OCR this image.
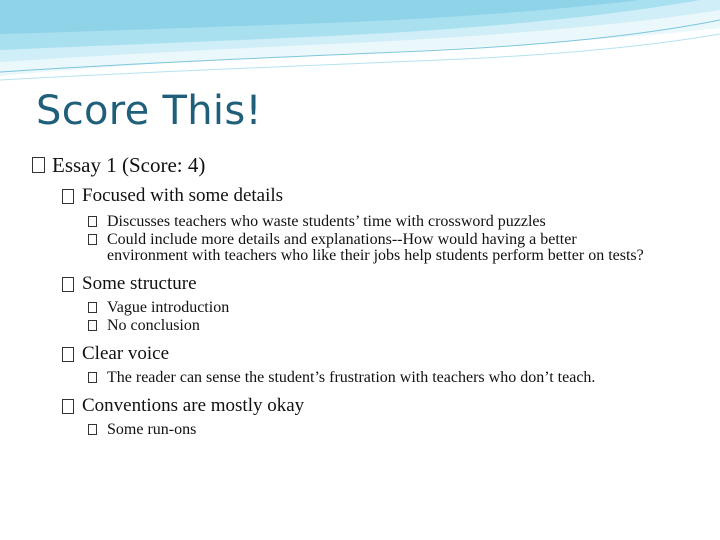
Score This!
Essay 1 (Score: 4)
Focused with some details
Discusses teachers who waste students’ time with crossword puzzles
Could include more details and explanations--How would having a better environment with teachers who like their jobs help students perform better on tests?
Some structure
Vague introduction
No conclusion
Clear voice
The reader can sense the student’s frustration with teachers who don’t teach.
Conventions are mostly okay
Some run-ons
